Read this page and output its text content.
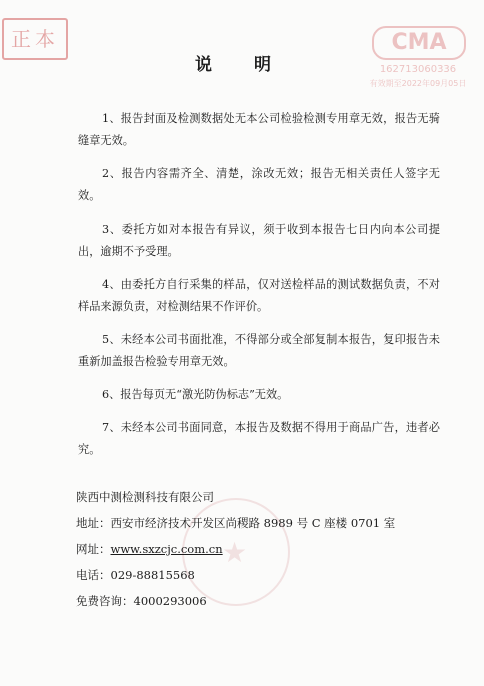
正本	CMA
162713060336
有效期至2022年09月05日
★
说 明

1、报告封面及检测数据处无本公司检验检测专用章无效，报告无骑缝章无效。

2、报告内容需齐全、清楚，涂改无效；报告无相关责任人签字无效。

3、委托方如对本报告有异议，须于收到本报告七日内向本公司提出，逾期不予受理。

4、由委托方自行采集的样品，仅对送检样品的测试数据负责，不对样品来源负责，对检测结果不作评价。

5、未经本公司书面批准，不得部分或全部复制本报告，复印报告未重新加盖报告检验专用章无效。

6、报告每页无“激光防伪标志”无效。

7、未经本公司书面同意，本报告及数据不得用于商品广告，违者必究。

陕西中测检测科技有限公司
地址：西安市经济技术开发区尚稷路 8989 号 C 座楼 0701 室
网址：www.sxzcjc.com.cn
电话：029-88815568
免费咨询：4000293006
